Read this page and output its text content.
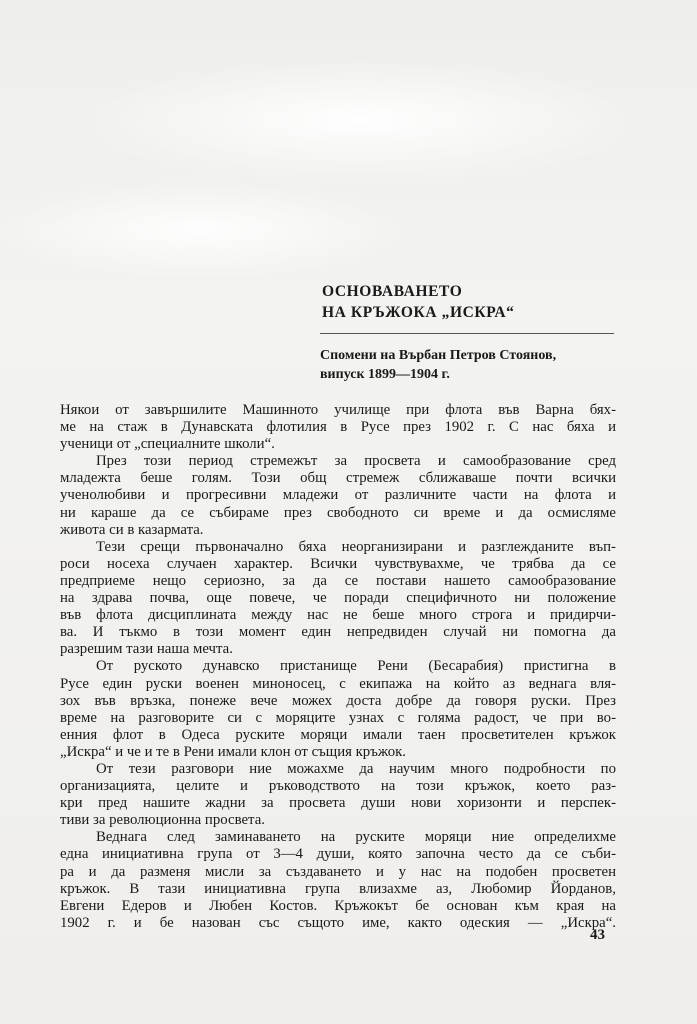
ОСНОВАВАНЕТО
НА КРЪЖОКА „ИСКРА“
Спомени на Върбан Петров Стоянов,
випуск 1899—1904 г.
Някои от завършилите Машинното училище при флота във Варна бях-
ме на стаж в Дунавската флотилия в Русе през 1902 г. С нас бяха и
ученици от „специалните школи“.
През този период стремежът за просвета и самообразование сред
младежта беше голям. Този общ стремеж сближаваше почти всички
ученолюбиви и прогресивни младежи от различните части на флота и
ни караше да се събираме през свободното си време и да осмисляме
живота си в казармата.
Тези срещи първоначално бяха неорганизирани и разглежданите въп-
роси носеха случаен характер. Всички чувствувахме, че трябва да се
предприеме нещо сериозно, за да се постави нашето самообразование
на здрава почва, още повече, че поради специфичното ни положение
във флота дисциплината между нас не беше много строга и придирчи-
ва. И тъкмо в този момент един непредвиден случай ни помогна да
разрешим тази наша мечта.
От руското дунавско пристанище Рени (Бесарабия) пристигна в
Русе един руски военен миноносец, с екипажа на който аз веднага вля-
зох във връзка, понеже вече можех доста добре да говоря руски. През
време на разговорите си с моряците узнах с голяма радост, че при во-
енния флот в Одеса руските моряци имали таен просветителен кръжок
„Искра“ и че и те в Рени имали клон от същия кръжок.
От тези разговори ние можахме да научим много подробности по
организацията, целите и ръководството на този кръжок, което раз-
кри пред нашите жадни за просвета души нови хоризонти и перспек-
тиви за революционна просвета.
Веднага след заминаването на руските моряци ние определихме
една инициативна група от 3—4 души, която започна често да се съби-
ра и да разменя мисли за създаването и у нас на подобен просветен
кръжок. В тази инициативна група влизахме аз, Любомир Йорданов,
Евгени Едеров и Любен Костов. Кръжокът бе основан към края на
1902 г. и бе назован със същото име, както одеския — „Искра“.
43
